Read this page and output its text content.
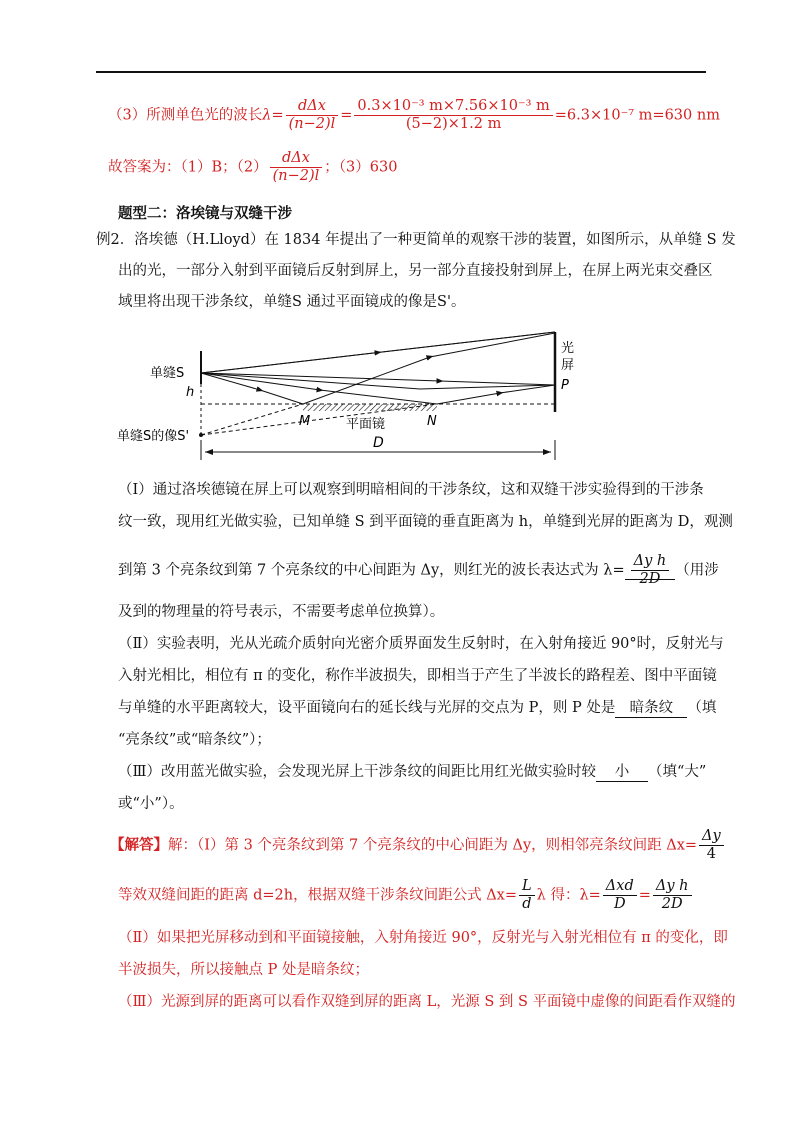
（3）所测单色光的波长$\lambda= \frac{\text{dΔx}}{(n-2)l} = \frac{\text{0.3×10⁻³ m×7.56×10⁻³ m}}{(5-2)\times 1.2 m} =6.3\times 10^{-7}$ m=630 nm
故答案为：（1）B；$(2) \frac{\text{dΔx}}{(n-2)l}$ ；（3）630
题型二：洛埃镜与双缝干涉
例2．洛埃德（H.Lloyd）在 1834 年提出了一种更简单的观察干涉的装置，如图所示，从单缝 S 发
出的光，一部分入射到平面镜后反射到屏上，另一部分直接投射到屏上，在屏上两光束交叠区
域里将出现干涉条纹，单缝S 通过平面镜成的像是S'。
单缝S
h
单缝S的像S'
M	N
平面镜
D
光
屏
P
（Ⅰ）通过洛埃德镜在屏上可以观察到明暗相间的干涉条纹，这和双缝干涉实验得到的干涉条
纹一致，现用红光做实验，已知单缝 S 到平面镜的垂直距离为 h，单缝到光屏的距离为 D，观测
到第 3 个亮条纹到第 7 个亮条纹的中心间距为 Δy，则红光的波长表达式为 $\lambda= \frac{\text{Δy h}}{2D}$ （用涉
及到的物理量的符号表示，不需要考虑单位换算）。
（Ⅱ）实验表明，光从光疏介质射向光密介质界面发生反射时，在入射角接近 90°时，反射光与
入射光相比，相位有 π 的变化，称作半波损失，即相当于产生了半波长的路程差、图中平面镜
与单缝的水平距离较大，设平面镜向右的延长线与光屏的交点为 P，则 P 处是 暗条纹 （填
“亮条纹”或“暗条纹”）；
（Ⅲ）改用蓝光做实验，会发现光屏上干涉条纹的间距比用红光做实验时较 小 （填“大”
或“小”）。
【解答】解：（Ⅰ）第 3 个亮条纹到第 7 个亮条纹的中心间距为 Δy，则相邻亮条纹间距 $\Delta x= \frac{\Delta y}{4}$
等效双缝间距的距离 d=2h，根据双缝干涉条纹间距公式 $\Delta x= \frac{L}{d}$ λ 得：$\lambda= \frac{\text{Δxd}}{D} = \frac{\text{Δy h}}{2D}$
（Ⅱ）如果把光屏移动到和平面镜接触，入射角接近 90°，反射光与入射光相位有 π 的变化，即
半波损失，所以接触点 P 处是暗条纹；
（Ⅲ）光源到屏的距离可以看作双缝到屏的距离 L，光源 S 到 S 平面镜中虚像的间距看作双缝的
